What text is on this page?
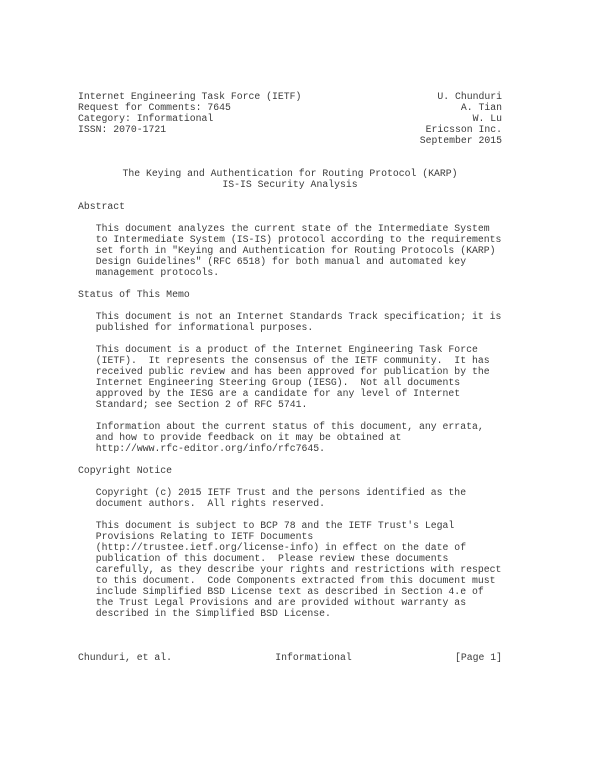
Internet Engineering Task Force (IETF)	U. Chunduri
Request for Comments: 7645	A. Tian
Category: Informational	W. Lu
ISSN: 2070-1721	Ericsson Inc.
September 2015
The Keying and Authentication for Routing Protocol (KARP)
IS-IS Security Analysis
Abstract
This document analyzes the current state of the Intermediate System
to Intermediate System (IS-IS) protocol according to the requirements
set forth in "Keying and Authentication for Routing Protocols (KARP)
Design Guidelines" (RFC 6518) for both manual and automated key
management protocols.
Status of This Memo
This document is not an Internet Standards Track specification; it is
published for informational purposes.
This document is a product of the Internet Engineering Task Force
(IETF).  It represents the consensus of the IETF community.  It has
received public review and has been approved for publication by the
Internet Engineering Steering Group (IESG).  Not all documents
approved by the IESG are a candidate for any level of Internet
Standard; see Section 2 of RFC 5741.
Information about the current status of this document, any errata,
and how to provide feedback on it may be obtained at
http://www.rfc-editor.org/info/rfc7645.
Copyright Notice
Copyright (c) 2015 IETF Trust and the persons identified as the
document authors.  All rights reserved.
This document is subject to BCP 78 and the IETF Trust's Legal
Provisions Relating to IETF Documents
(http://trustee.ietf.org/license-info) in effect on the date of
publication of this document.  Please review these documents
carefully, as they describe your rights and restrictions with respect
to this document.  Code Components extracted from this document must
include Simplified BSD License text as described in Section 4.e of
the Trust Legal Provisions and are provided without warranty as
described in the Simplified BSD License.
Chunduri, et al.	Informational	[Page 1]
